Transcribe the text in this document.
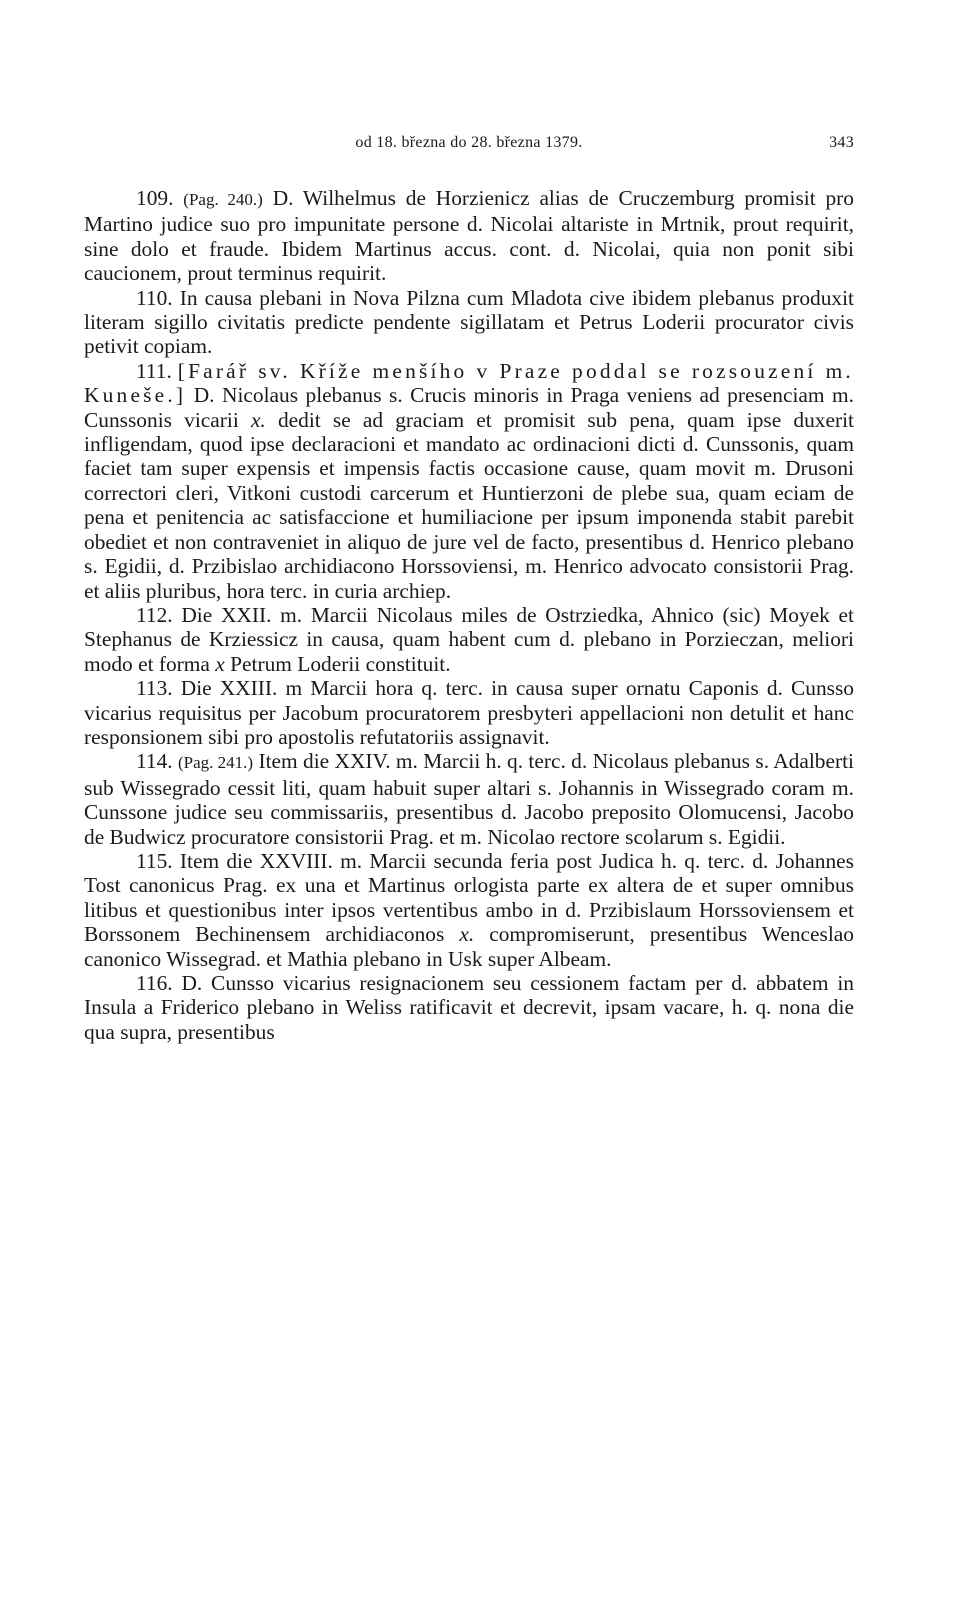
od 18. března do 28. března 1379.	343

109. (Pag. 240.) D. Wilhelmus de Horzienicz alias de Cruczemburg promisit pro Martino judice suo pro impunitate persone d. Nicolai altariste in Mrtnik, prout requirit, sine dolo et fraude. Ibidem Martinus accus. cont. d. Nicolai, quia non ponit sibi caucionem, prout terminus requirit.

110. In causa plebani in Nova Pilzna cum Mladota cive ibidem plebanus produxit literam sigillo civitatis predicte pendente sigillatam et Petrus Loderii procurator civis petivit copiam.

111. [Farář sv. Kříže menšího v Praze poddal se rozsouzení m. Kuneše.] D. Nicolaus plebanus s. Crucis minoris in Praga veniens ad presenciam m. Cunssonis vicarii x. dedit se ad graciam et promisit sub pena, quam ipse duxerit infligendam, quod ipse declaracioni et mandato ac ordinacioni dicti d. Cunssonis, quam faciet tam super expensis et impensis factis occasione cause, quam movit m. Drusoni correctori cleri, Vitkoni custodi carcerum et Huntierzoni de plebe sua, quam eciam de pena et penitencia ac satisfaccione et humiliacione per ipsum imponenda stabit parebit obediet et non contraveniet in aliquo de jure vel de facto, presentibus d. Henrico plebano s. Egidii, d. Przibislao archidiacono Horssoviensi, m. Henrico advocato consistorii Prag. et aliis pluribus, hora terc. in curia archiep.

112. Die XXII. m. Marcii Nicolaus miles de Ostrziedka, Ahnico (sic) Moyek et Stephanus de Krziessicz in causa, quam habent cum d. plebano in Porzieczan, meliori modo et forma x Petrum Loderii constituit.

113. Die XXIII. m Marcii hora q. terc. in causa super ornatu Caponis d. Cunsso vicarius requisitus per Jacobum procuratorem presbyteri appellacioni non detulit et hanc responsionem sibi pro apostolis refutatoriis assignavit.

114. (Pag. 241.) Item die XXIV. m. Marcii h. q. terc. d. Nicolaus plebanus s. Adalberti sub Wissegrado cessit liti, quam habuit super altari s. Johannis in Wissegrado coram m. Cunssone judice seu commissariis, presentibus d. Jacobo preposito Olomucensi, Jacobo de Budwicz procuratore consistorii Prag. et m. Nicolao rectore scolarum s. Egidii.

115. Item die XXVIII. m. Marcii secunda feria post Judica h. q. terc. d. Johannes Tost canonicus Prag. ex una et Martinus orlogista parte ex altera de et super omnibus litibus et questionibus inter ipsos vertentibus ambo in d. Przibislaum Horssoviensem et Borssonem Bechinensem archidiaconos x. compromiserunt, presentibus Wenceslao canonico Wissegrad. et Mathia plebano in Usk super Albeam.

116. D. Cunsso vicarius resignacionem seu cessionem factam per d. abbatem in Insula a Friderico plebano in Weliss ratificavit et decrevit, ipsam vacare, h. q. nona die qua supra, presentibus
